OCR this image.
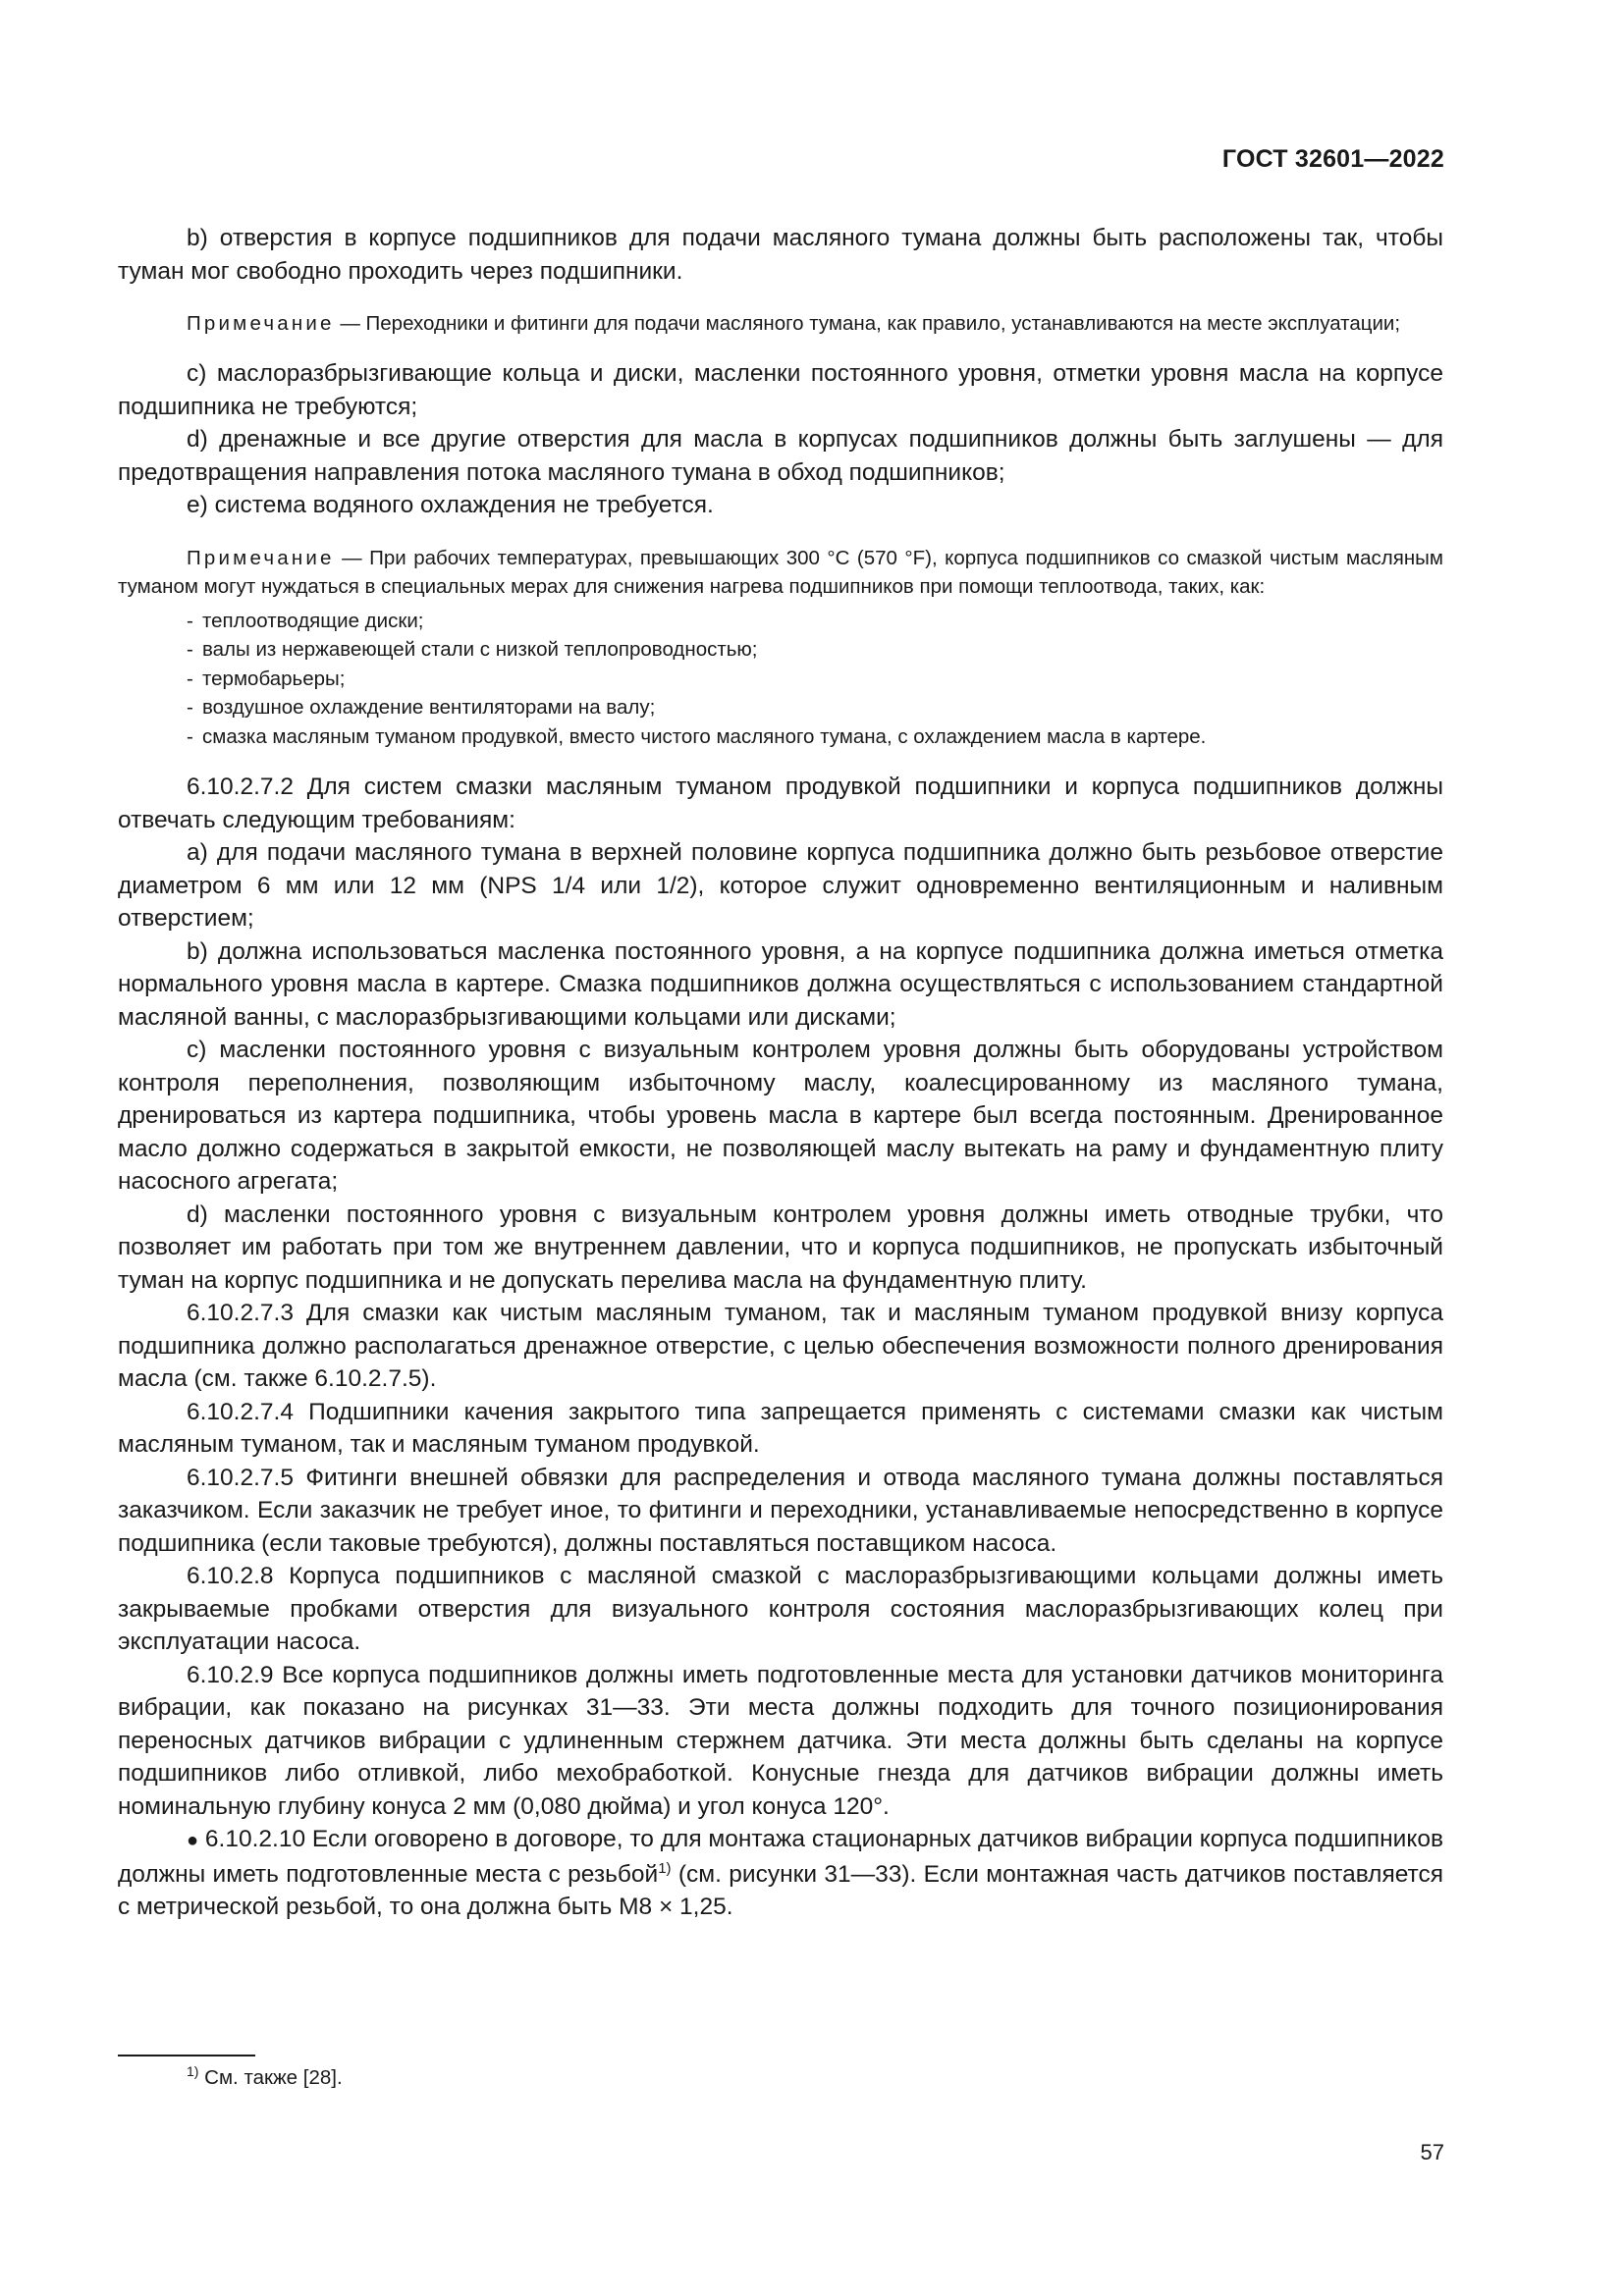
ГОСТ 32601—2022

b) отверстия в корпусе подшипников для подачи масляного тумана должны быть расположены так, чтобы туман мог свободно проходить через подшипники.

Примечание — Переходники и фитинги для подачи масляного тумана, как правило, устанавливаются на месте эксплуатации;

c) маслоразбрызгивающие кольца и диски, масленки постоянного уровня, отметки уровня масла на корпусе подшипника не требуются;

d) дренажные и все другие отверстия для масла в корпусах подшипников должны быть заглушены — для предотвращения направления потока масляного тумана в обход подшипников;

e) система водяного охлаждения не требуется.

Примечание — При рабочих температурах, превышающих 300 °C (570 °F), корпуса подшипников со смазкой чистым масляным туманом могут нуждаться в специальных мерах для снижения нагрева подшипников при помощи теплоотвода, таких, как:

- теплоотводящие диски;
- валы из нержавеющей стали с низкой теплопроводностью;
- термобарьеры;
- воздушное охлаждение вентиляторами на валу;
- смазка масляным туманом продувкой, вместо чистого масляного тумана, с охлаждением масла в картере.

6.10.2.7.2 Для систем смазки масляным туманом продувкой подшипники и корпуса подшипников должны отвечать следующим требованиям:

a) для подачи масляного тумана в верхней половине корпуса подшипника должно быть резьбовое отверстие диаметром 6 мм или 12 мм (NPS 1/4 или 1/2), которое служит одновременно вентиляционным и наливным отверстием;

b) должна использоваться масленка постоянного уровня, а на корпусе подшипника должна иметься отметка нормального уровня масла в картере. Смазка подшипников должна осуществляться с использованием стандартной масляной ванны, с маслоразбрызгивающими кольцами или дисками;

c) масленки постоянного уровня с визуальным контролем уровня должны быть оборудованы устройством контроля переполнения, позволяющим избыточному маслу, коалесцированному из масляного тумана, дренироваться из картера подшипника, чтобы уровень масла в картере был всегда постоянным. Дренированное масло должно содержаться в закрытой емкости, не позволяющей маслу вытекать на раму и фундаментную плиту насосного агрегата;

d) масленки постоянного уровня с визуальным контролем уровня должны иметь отводные трубки, что позволяет им работать при том же внутреннем давлении, что и корпуса подшипников, не пропускать избыточный туман на корпус подшипника и не допускать перелива масла на фундаментную плиту.

6.10.2.7.3 Для смазки как чистым масляным туманом, так и масляным туманом продувкой внизу корпуса подшипника должно располагаться дренажное отверстие, с целью обеспечения возможности полного дренирования масла (см. также 6.10.2.7.5).

6.10.2.7.4 Подшипники качения закрытого типа запрещается применять с системами смазки как чистым масляным туманом, так и масляным туманом продувкой.

6.10.2.7.5 Фитинги внешней обвязки для распределения и отвода масляного тумана должны поставляться заказчиком. Если заказчик не требует иное, то фитинги и переходники, устанавливаемые непосредственно в корпусе подшипника (если таковые требуются), должны поставляться поставщиком насоса.

6.10.2.8 Корпуса подшипников с масляной смазкой с маслоразбрызгивающими кольцами должны иметь закрываемые пробками отверстия для визуального контроля состояния маслоразбрызгивающих колец при эксплуатации насоса.

6.10.2.9 Все корпуса подшипников должны иметь подготовленные места для установки датчиков мониторинга вибрации, как показано на рисунках 31—33. Эти места должны подходить для точного позиционирования переносных датчиков вибрации с удлиненным стержнем датчика. Эти места должны быть сделаны на корпусе подшипников либо отливкой, либо мехобработкой. Конусные гнезда для датчиков вибрации должны иметь номинальную глубину конуса 2 мм (0,080 дюйма) и угол конуса 120°.

● 6.10.2.10 Если оговорено в договоре, то для монтажа стационарных датчиков вибрации корпуса подшипников должны иметь подготовленные места с резьбой$^{1)}$ (см. рисунки 31—33). Если монтажная часть датчиков поставляется с метрической резьбой, то она должна быть M8 × 1,25.

$^{1)}$ См. также [28].
57
